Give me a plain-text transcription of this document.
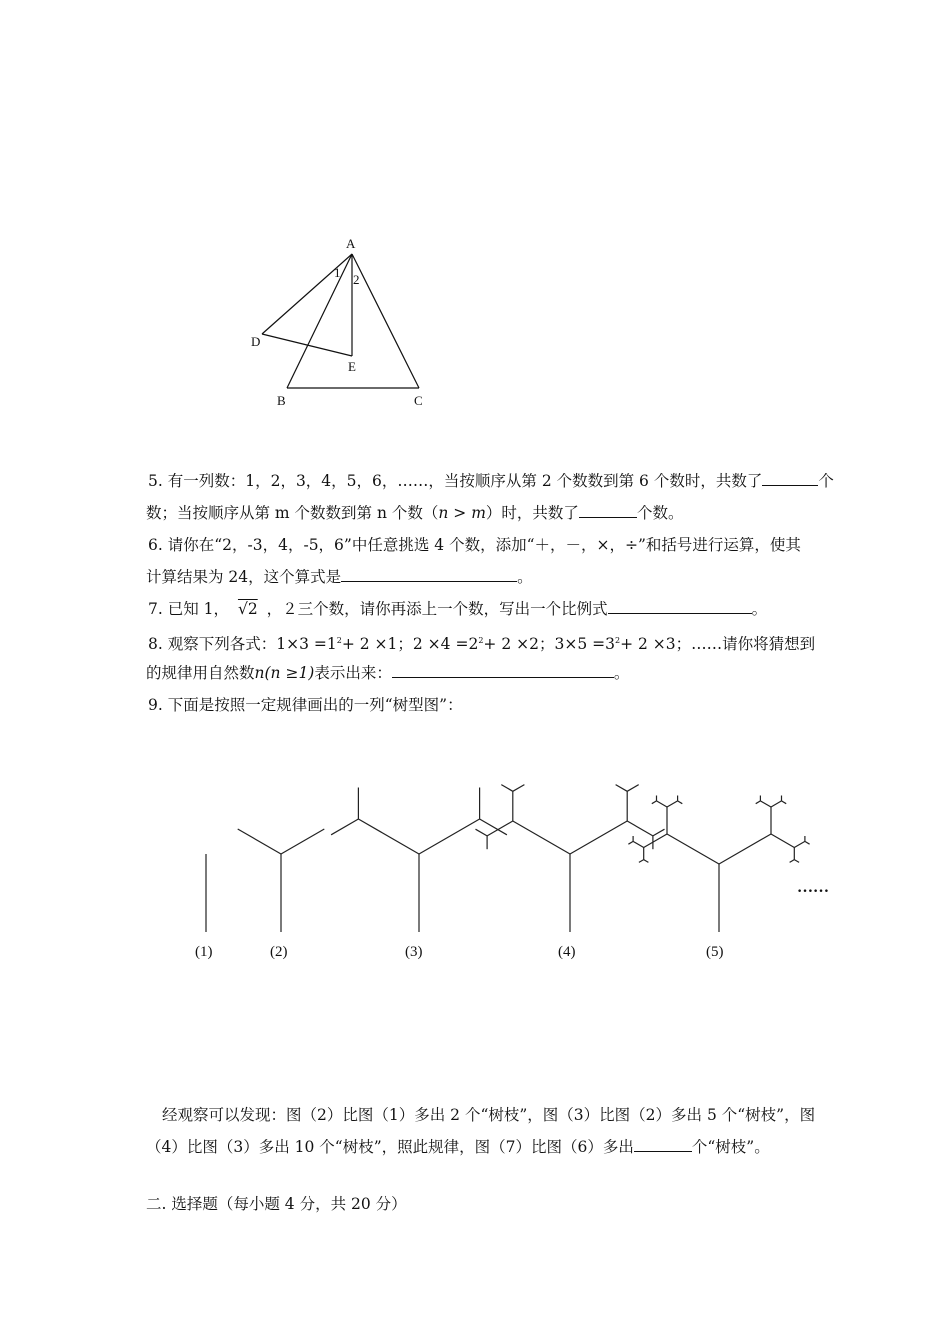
A
1 2
D
E
B	C
5. 有一列数：1，2，3，4，5，6，……，当按顺序从第 2 个数数到第 6 个数时，共数了	个
数；当按顺序从第 m 个数数到第 n 个数（n > m）时，共数了	个数。
6. 请你在“2，-3，4，-5，6”中任意挑选 4 个数，添加“＋，－，×，÷”和括号进行运算，使其
计算结果为 24，这个算式是	。
7. 已知 1， √2 ，２三个数，请你再添上一个数，写出一个比例式	。
8. 观察下列各式：$1\times 3 =1^2+ 2 \times 1$；$2 \times 4 =2^2+ 2 \times 2$；$3\times 5 =3^2+ 2 \times 3$；……请你将猜想到
的规律用自然数n(n ≥1)表示出来：	。
9. 下面是按照一定规律画出的一列“树型图”：
(1)	(2)	(3)	(4)	(5)
……
经观察可以发现：图（2）比图（1）多出 2 个“树枝”，图（3）比图（2）多出 5 个“树枝”，图
（4）比图（3）多出 10 个“树枝”，照此规律，图（7）比图（6）多出	个“树枝”。
二. 选择题（每小题 4 分，共 20 分）
